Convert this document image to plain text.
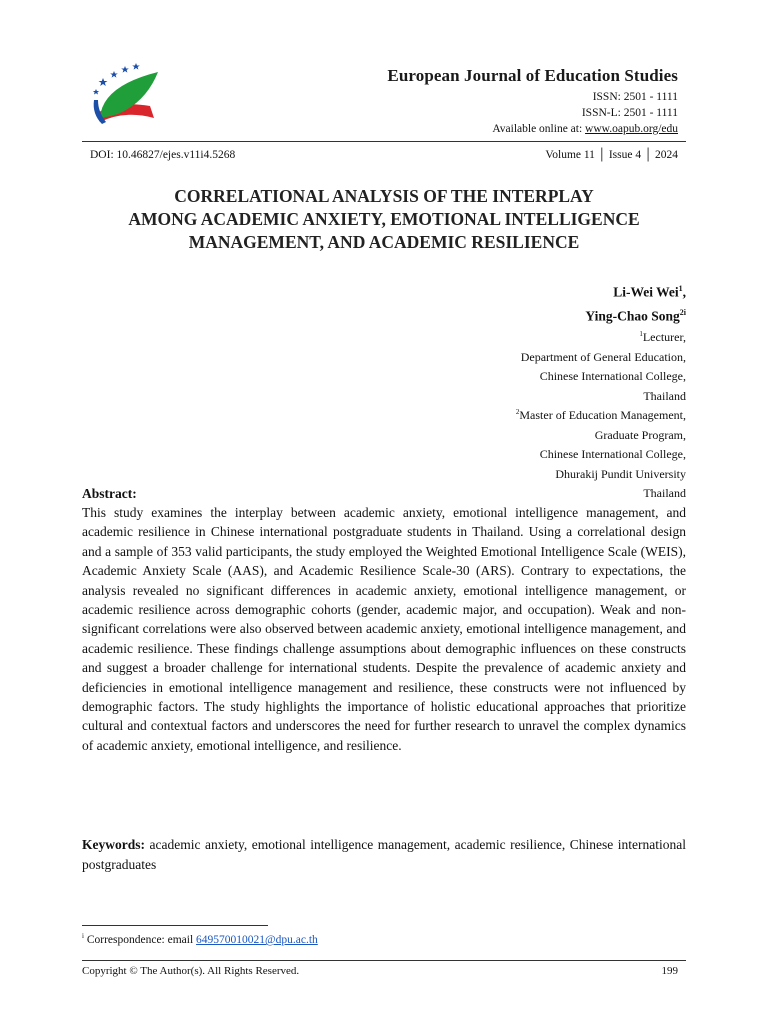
European Journal of Education Studies
ISSN: 2501 - 1111
ISSN-L: 2501 - 1111
Available online at: www.oapub.org/edu
DOI: 10.46827/ejes.v11i4.5268	Volume 11 │ Issue 4 │ 2024
CORRELATIONAL ANALYSIS OF THE INTERPLAY
AMONG ACADEMIC ANXIETY, EMOTIONAL INTELLIGENCE
MANAGEMENT, AND ACADEMIC RESILIENCE
Li-Wei Wei$^1$,
Ying-Chao Song$^{2i}$
$^1$Lecturer,
Department of General Education,
Chinese International College,
Thailand
$^2$Master of Education Management,
Graduate Program,
Chinese International College,
Dhurakij Pundit University
Thailand
Abstract:
This study examines the interplay between academic anxiety, emotional intelligence management, and academic resilience in Chinese international postgraduate students in Thailand. Using a correlational design and a sample of 353 valid participants, the study employed the Weighted Emotional Intelligence Scale (WEIS), Academic Anxiety Scale (AAS), and Academic Resilience Scale-30 (ARS). Contrary to expectations, the analysis revealed no significant differences in academic anxiety, emotional intelligence management, or academic resilience across demographic cohorts (gender, academic major, and occupation). Weak and non-significant correlations were also observed between academic anxiety, emotional intelligence management, and academic resilience. These findings challenge assumptions about demographic influences on these constructs and suggest a broader challenge for international students. Despite the prevalence of academic anxiety and deficiencies in emotional intelligence management and resilience, these constructs were not influenced by demographic factors. The study highlights the importance of holistic educational approaches that prioritize cultural and contextual factors and underscores the need for further research to unravel the complex dynamics of academic anxiety, emotional intelligence, and resilience.
Keywords: academic anxiety, emotional intelligence management, academic resilience, Chinese international postgraduates
$^i$ Correspondence: email 649570010021@dpu.ac.th
Copyright © The Author(s). All Rights Reserved.	199
